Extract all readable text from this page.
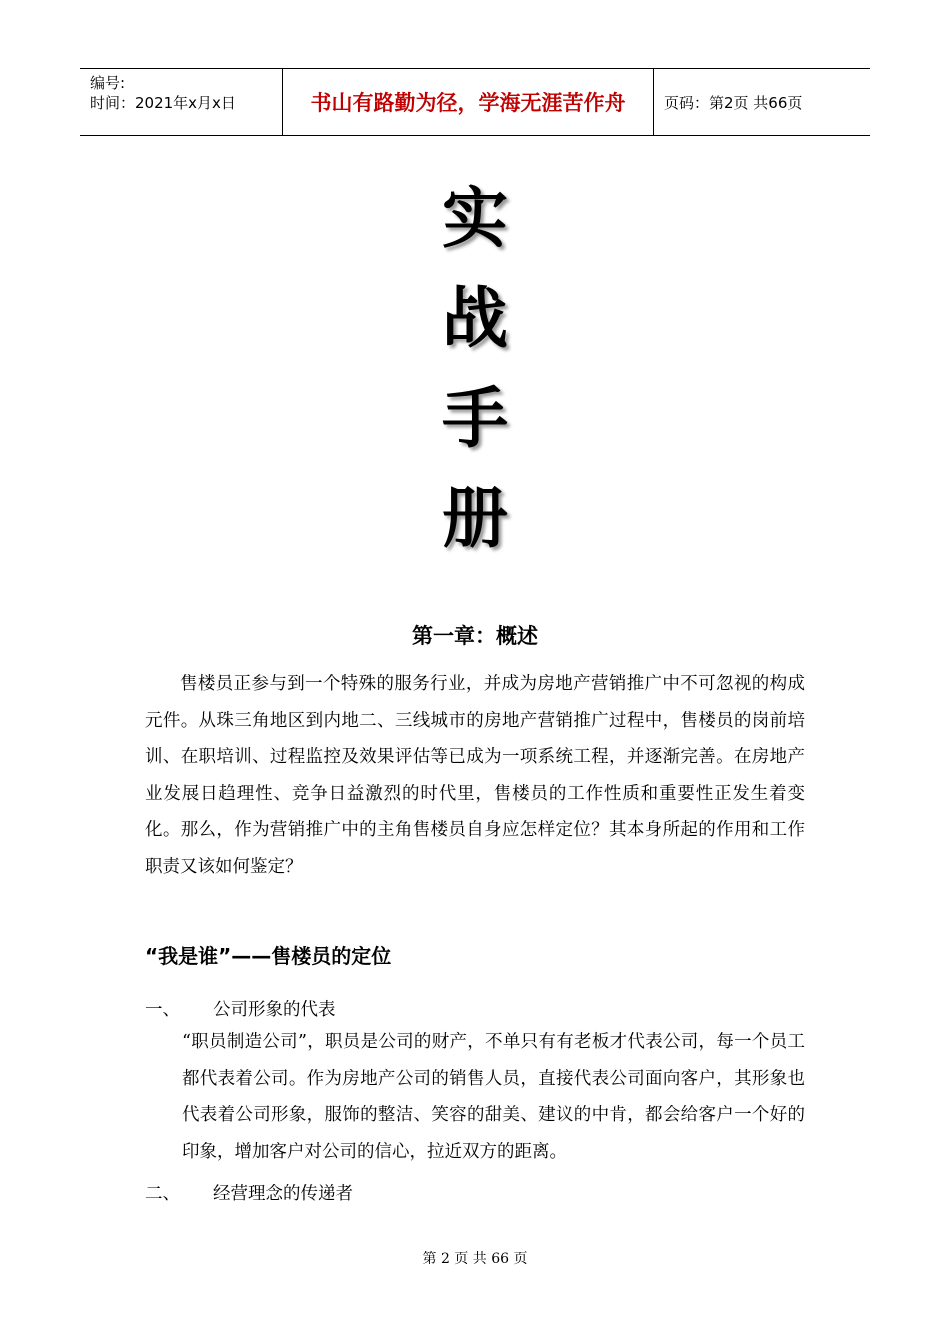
编号:
时间：2021年x月x日	书山有路勤为径，学海无涯苦作舟	页码：第2页 共66页
实
战
手
册
第一章：概述
售楼员正参与到一个特殊的服务行业，并成为房地产营销推广中不可忽视的构成元件。从珠三角地区到内地二、三线城市的房地产营销推广过程中，售楼员的岗前培训、在职培训、过程监控及效果评估等已成为一项系统工程，并逐渐完善。在房地产业发展日趋理性、竞争日益激烈的时代里，售楼员的工作性质和重要性正发生着变化。那么，作为营销推广中的主角售楼员自身应怎样定位？其本身所起的作用和工作职责又该如何鉴定？
“我是谁”——售楼员的定位
一、	公司形象的代表
“职员制造公司”，职员是公司的财产，不单只有有老板才代表公司，每一个员工都代表着公司。作为房地产公司的销售人员，直接代表公司面向客户，其形象也代表着公司形象，服饰的整洁、笑容的甜美、建议的中肯，都会给客户一个好的印象，增加客户对公司的信心，拉近双方的距离。
二、	经营理念的传递者
第 2 页 共 66 页
